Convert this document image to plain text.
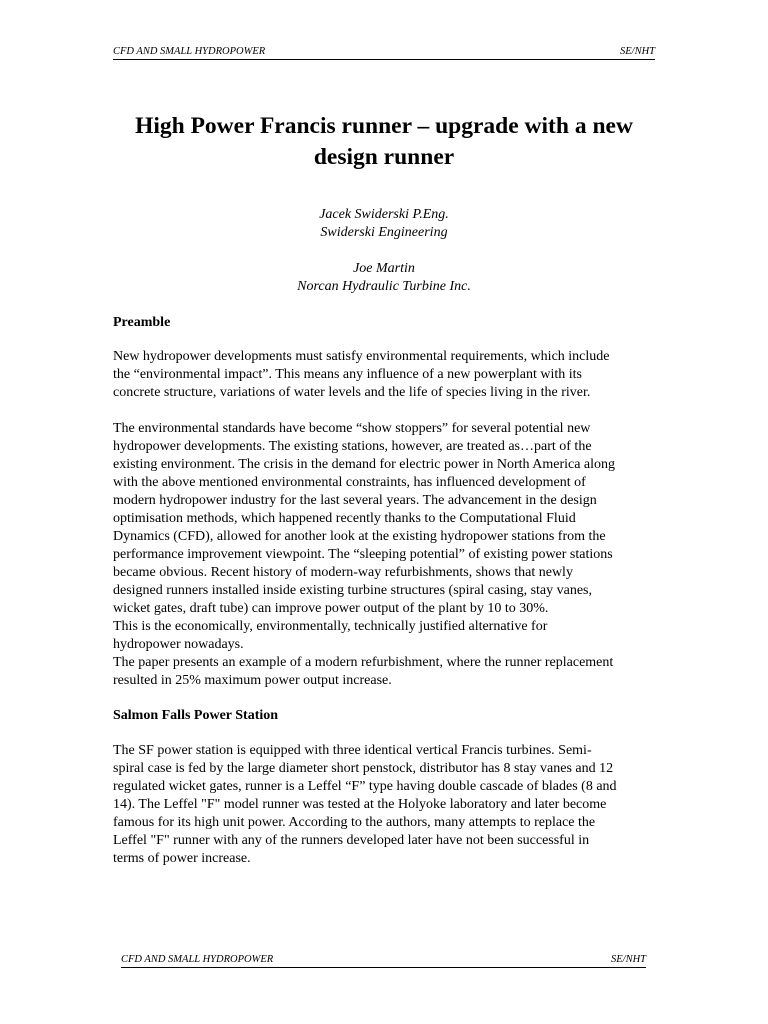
CFD AND SMALL HYDROPOWER	SE/NHT
High Power Francis runner – upgrade with a new
design runner
Jacek Swiderski P.Eng.
Swiderski Engineering
Joe Martin
Norcan Hydraulic Turbine Inc.
Preamble

New hydropower developments must satisfy environmental requirements, which include
the “environmental impact”. This means any influence of a new powerplant with its
concrete structure, variations of water levels and the life of species living in the river.

The environmental standards have become “show stoppers” for several potential new
hydropower developments. The existing stations, however, are treated as…part of the
existing environment. The crisis in the demand for electric power in North America along
with the above mentioned environmental constraints, has influenced development of
modern hydropower industry for the last several years. The advancement in the design
optimisation methods, which happened recently thanks to the Computational Fluid
Dynamics (CFD), allowed for another look at the existing hydropower stations from the
performance improvement viewpoint. The “sleeping potential” of existing power stations
became obvious. Recent history of modern-way refurbishments, shows that newly
designed runners installed inside existing turbine structures (spiral casing, stay vanes,
wicket gates, draft tube) can improve power output of the plant by 10 to 30%.
This is the economically, environmentally, technically justified alternative for
hydropower nowadays.
The paper presents an example of a modern refurbishment, where the runner replacement
resulted in 25% maximum power output increase.

Salmon Falls Power Station

The SF power station is equipped with three identical vertical Francis turbines. Semi-
spiral case is fed by the large diameter short penstock, distributor has 8 stay vanes and 12
regulated wicket gates, runner is a Leffel “F” type having double cascade of blades (8 and
14). The Leffel "F" model runner was tested at the Holyoke laboratory and later become
famous for its high unit power. According to the authors, many attempts to replace the
Leffel "F" runner with any of the runners developed later have not been successful in
terms of power increase.

CFD AND SMALL HYDROPOWER	SE/NHT
